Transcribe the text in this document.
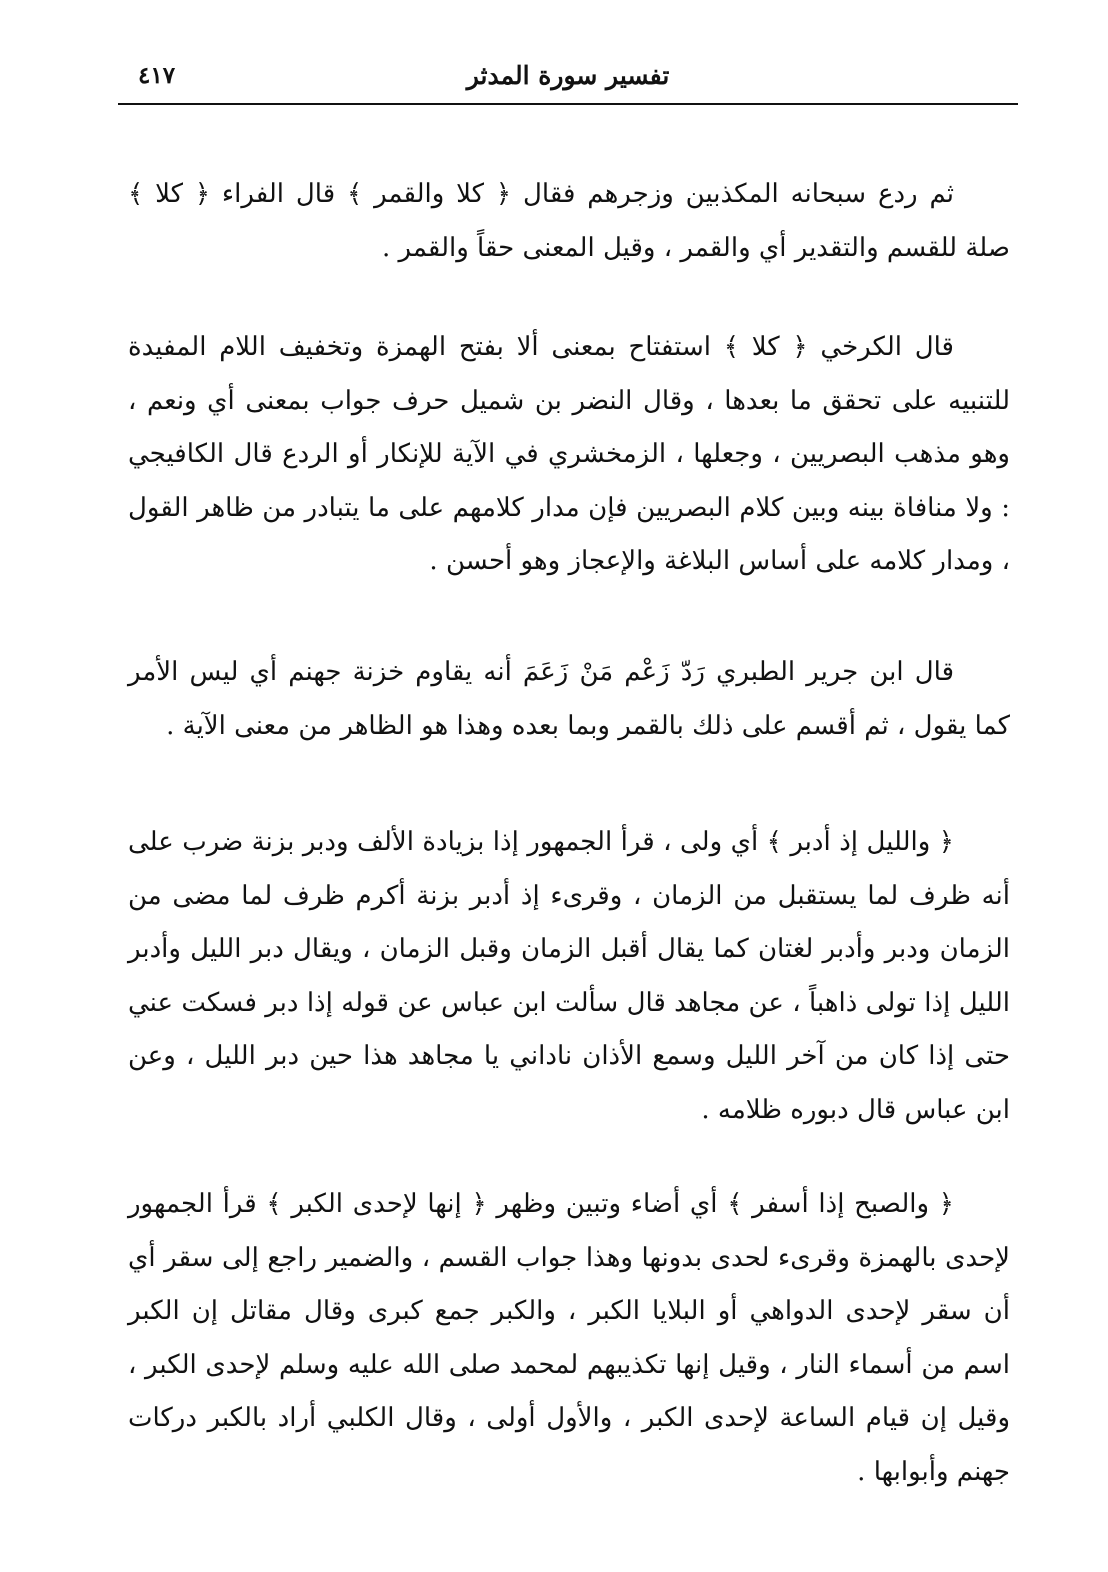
تفسير سورة المدثر
٤١٧

ثم ردع سبحانه المكذبين وزجرهم فقال ﴿ كلا والقمر ﴾ قال الفراء ﴿ كلا ﴾ صلة للقسم والتقدير أي والقمر ، وقيل المعنى حقاً والقمر .

قال الكرخي ﴿ كلا ﴾ استفتاح بمعنى ألا بفتح الهمزة وتخفيف اللام المفيدة للتنبيه على تحقق ما بعدها ، وقال النضر بن شميل حرف جواب بمعنى أي ونعم ، وهو مذهب البصريين ، وجعلها ، الزمخشري في الآية للإنكار أو الردع قال الكافيجي : ولا منافاة بينه وبين كلام البصريين فإن مدار كلامهم على ما يتبادر من ظاهر القول ، ومدار كلامه على أساس البلاغة والإعجاز وهو أحسن .

قال ابن جرير الطبري رَدّ زَعْم مَنْ زَعَمَ أنه يقاوم خزنة جهنم أي ليس الأمر كما يقول ، ثم أقسم على ذلك بالقمر وبما بعده وهذا هو الظاهر من معنى الآية .

﴿ والليل إذ أدبر ﴾ أي ولى ، قرأ الجمهور إذا بزيادة الألف ودبر بزنة ضرب على أنه ظرف لما يستقبل من الزمان ، وقرىء إذ أدبر بزنة أكرم ظرف لما مضى من الزمان ودبر وأدبر لغتان كما يقال أقبل الزمان وقبل الزمان ، ويقال دبر الليل وأدبر الليل إذا تولى ذاهباً ، عن مجاهد قال سألت ابن عباس عن قوله إذا دبر فسكت عني حتى إذا كان من آخر الليل وسمع الأذان ناداني يا مجاهد هذا حين دبر الليل ، وعن ابن عباس قال دبوره ظلامه .

﴿ والصبح إذا أسفر ﴾ أي أضاء وتبين وظهر ﴿ إنها لإحدى الكبر ﴾ قرأ الجمهور لإحدى بالهمزة وقرىء لحدى بدونها وهذا جواب القسم ، والضمير راجع إلى سقر أي أن سقر لإحدى الدواهي أو البلايا الكبر ، والكبر جمع كبرى وقال مقاتل إن الكبر اسم من أسماء النار ، وقيل إنها تكذيبهم لمحمد صلى الله عليه وسلم لإحدى الكبر ، وقيل إن قيام الساعة لإحدى الكبر ، والأول أولى ، وقال الكلبي أراد بالكبر دركات جهنم وأبوابها .
